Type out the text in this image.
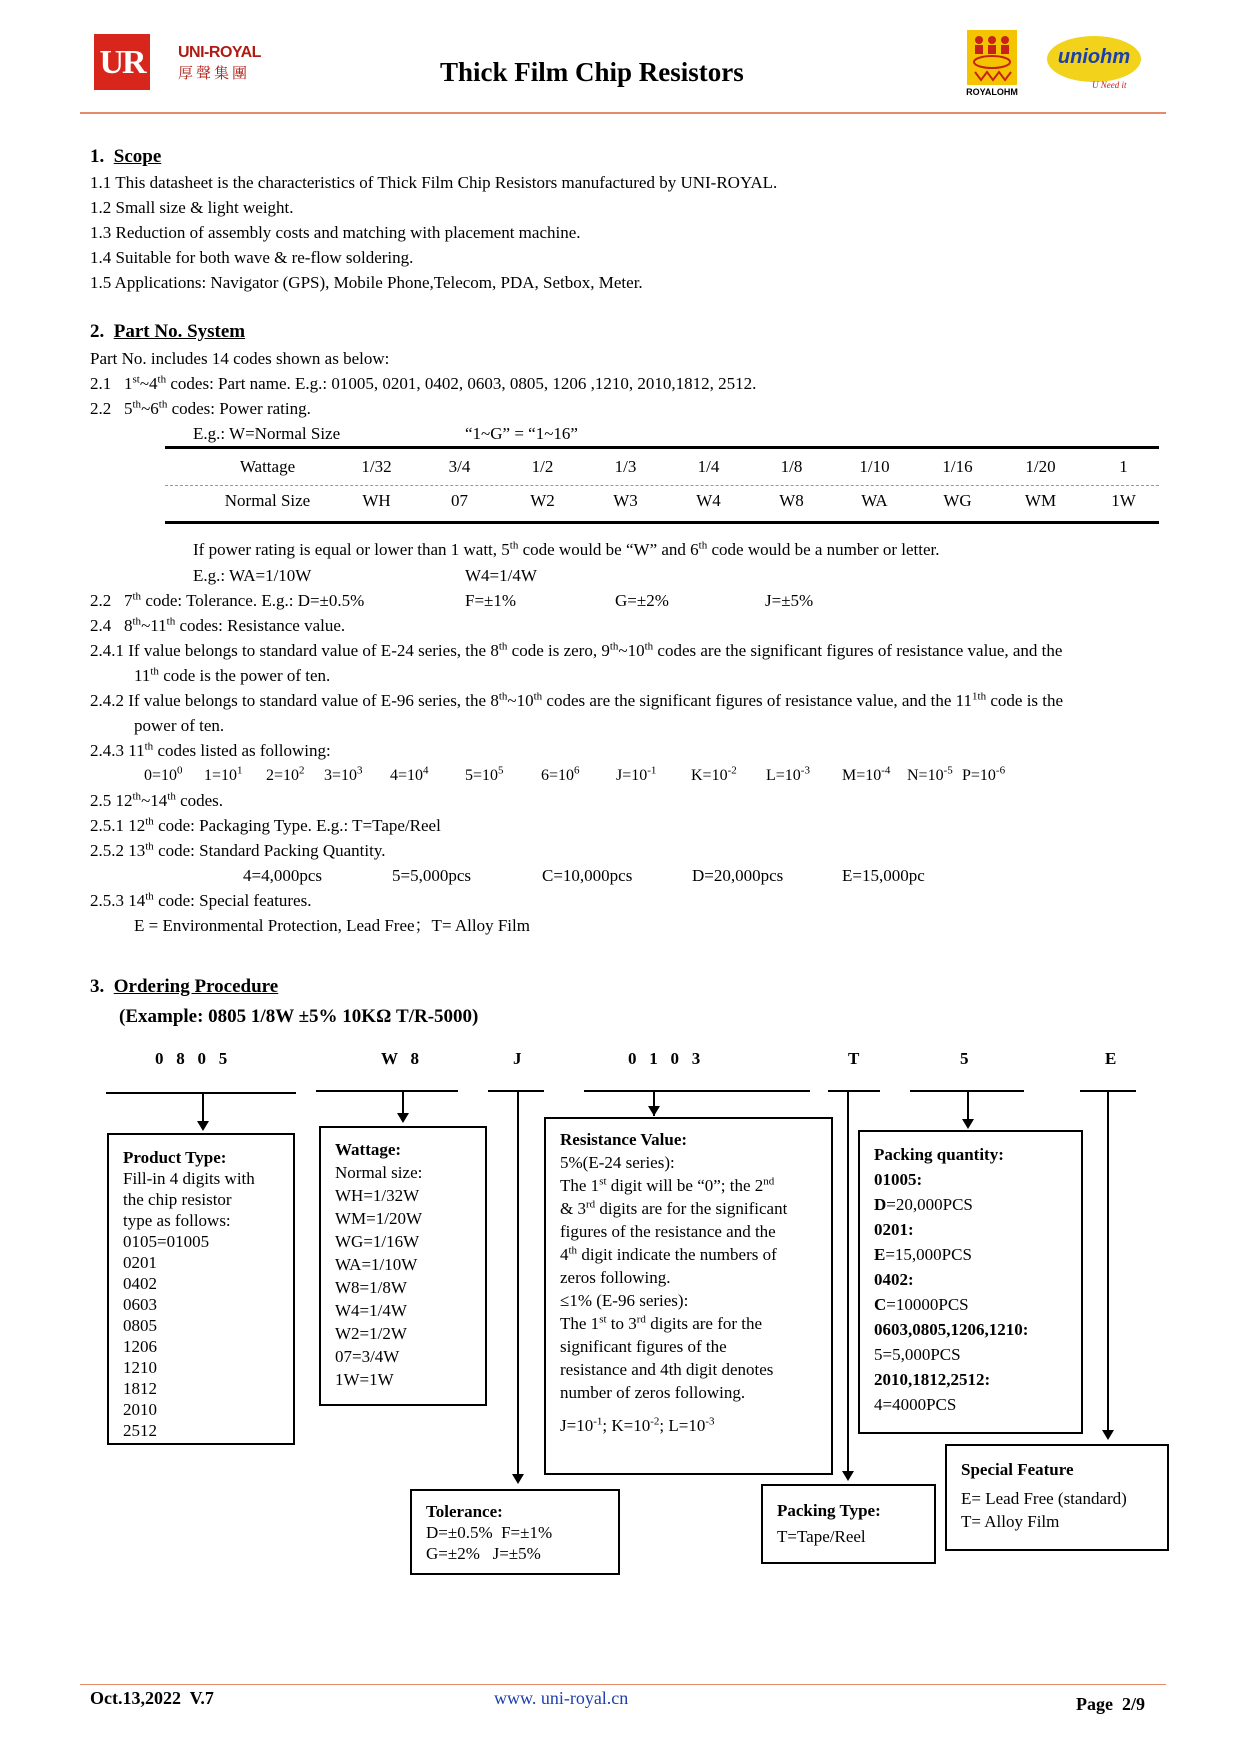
UR UNI-ROYAL
厚聲集團	Thick Film Chip Resistors
ROYALOHM
uniohm
U Need it
1. Scope
1.1 This datasheet is the characteristics of Thick Film Chip Resistors manufactured by UNI-ROYAL.
1.2 Small size & light weight.
1.3 Reduction of assembly costs and matching with placement machine.
1.4 Suitable for both wave & re-flow soldering.
1.5 Applications: Navigator (GPS), Mobile Phone,Telecom, PDA, Setbox, Meter.
2. Part No. System
Part No. includes 14 codes shown as below:
2.1   1st~4th codes: Part name. E.g.: 01005, 0201, 0402, 0603, 0805, 1206 ,1210, 2010,1812, 2512.
2.2   5th~6th codes: Power rating.
E.g.: W=Normal Size	“1~G” = “1~16”
Wattage	1/32	3/4	1/2	1/3	1/4	1/8	1/10	1/16	1/20	1
Normal Size	WH	07	W2	W3	W4	W8	WA	WG	WM	1W
If power rating is equal or lower than 1 watt, 5th code would be “W” and 6th code would be a number or letter.
E.g.: WA=1/10W	W4=1/4W
2.2   7th code: Tolerance. E.g.: D=±0.5%	F=±1%	G=±2%	J=±5%
2.4   8th~11th codes: Resistance value.
2.4.1 If value belongs to standard value of E-24 series, the 8th code is zero, 9th~10th codes are the significant figures of resistance value, and the
11th code is the power of ten.
2.4.2 If value belongs to standard value of E-96 series, the 8th~10th codes are the significant figures of resistance value, and the $11^{1th}$ code is the
power of ten.
2.4.3 11th codes listed as following:
$0=10^0$ $1=10^1$ $2=10^2$ $3=10^3$ $4=10^4$ $5=10^5$ $6=10^6$ $J=10^{-1}$ $K=10^{-2}$ $L=10^{-3}$ $M=10^{-4}$ $N=10^{-5}$ $P=10^{-6}$
2.5 12th~14th codes.
2.5.1 12th code: Packaging Type. E.g.: T=Tape/Reel
2.5.2 13th code: Standard Packing Quantity.
4=4,000pcs	5=5,000pcs	C=10,000pcs	D=20,000pcs	E=15,000pc
2.5.3 14th code: Special features.
E = Environmental Protection, Lead Free；T= Alloy Film
3. Ordering Procedure
(Example: 0805 1/8W ±5% 10KΩ T/R-5000)
0   8   0   5	W   8	J	0   1   0   3	T	5	E
Product Type:
Fill-in 4 digits with
the chip resistor
type as follows:
0105=01005
0201
0402
0603
0805
1206
1210
1812
2010
2512
Wattage:
Normal size:
WH=1/32W
WM=1/20W
WG=1/16W
WA=1/10W
W8=1/8W
W4=1/4W
W2=1/2W
07=3/4W
1W=1W
Resistance Value:
5%(E-24 series):
The 1st digit will be “0”; the 2nd
& 3rd digits are for the significant
figures of the resistance and the
4th digit indicate the numbers of
zeros following.
≤1% (E-96 series):
The 1st to 3rd digits are for the
significant figures of the
resistance and 4th digit denotes
number of zeros following.
$J=10^{-1}$; $K=10^{-2}$; $L=10^{-3}$
Packing quantity:
01005:
D=20,000PCS
0201:
E=15,000PCS
0402:
C=10000PCS
0603,0805,1206,1210:
5=5,000PCS
2010,1812,2512:
4=4000PCS
Tolerance:
D=±0.5%  F=±1%
G=±2%   J=±5%
Packing Type:
T=Tape/Reel
Special Feature
E= Lead Free (standard)
T= Alloy Film
Oct.13,2022  V.7	www. uni-royal.cn	Page  2/9
